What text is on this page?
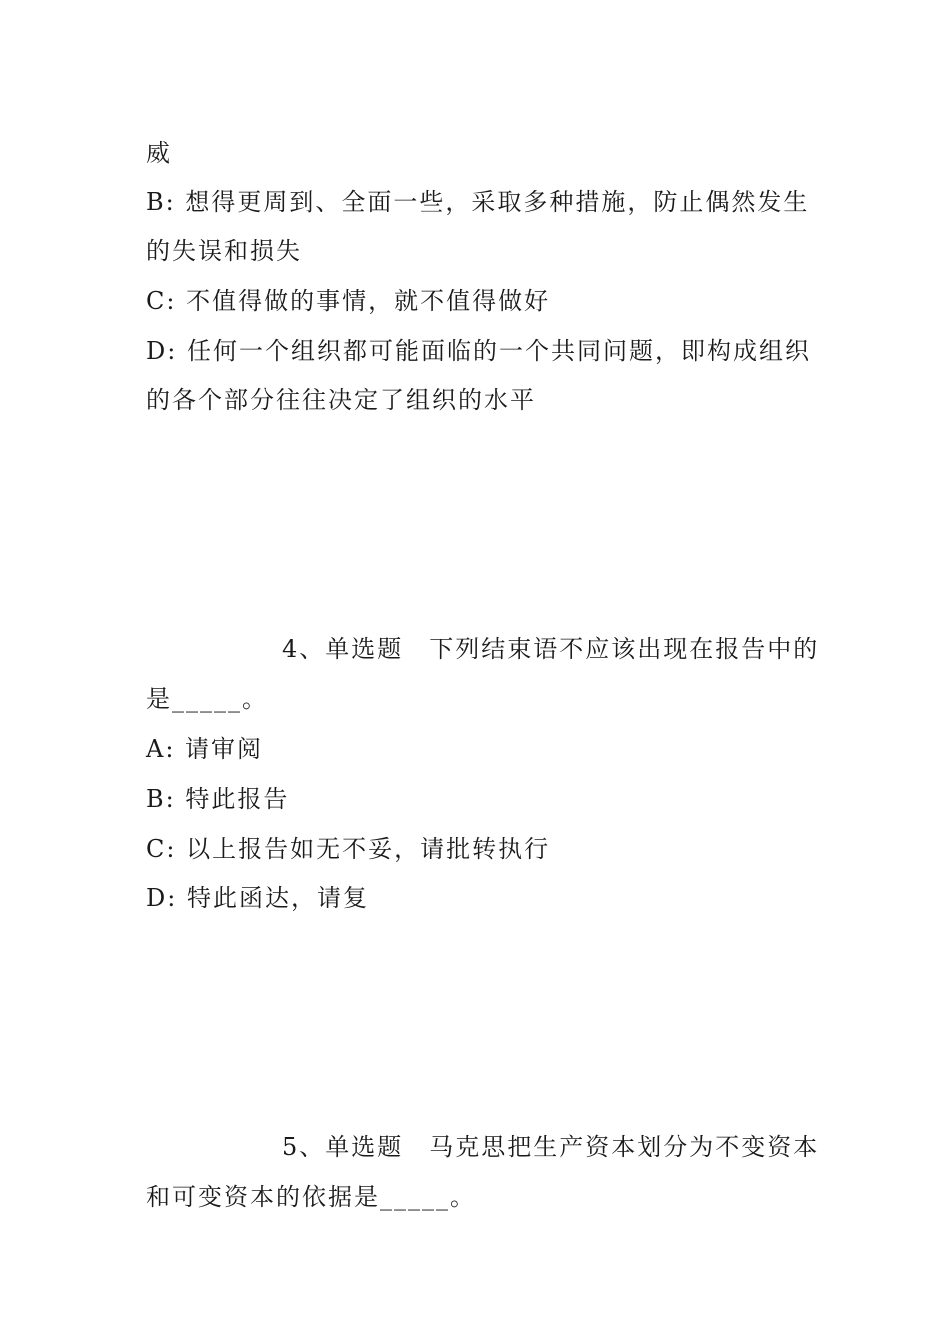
威
B: 想得更周到、全面一些，采取多种措施，防止偶然发生
的失误和损失
C: 不值得做的事情，就不值得做好
D: 任何一个组织都可能面临的一个共同问题，即构成组织
的各个部分往往决定了组织的水平
4、单选题　下列结束语不应该出现在报告中的
是_____。
A: 请审阅
B: 特此报告
C: 以上报告如无不妥，请批转执行
D: 特此函达，请复
5、单选题　马克思把生产资本划分为不变资本
和可变资本的依据是_____。
